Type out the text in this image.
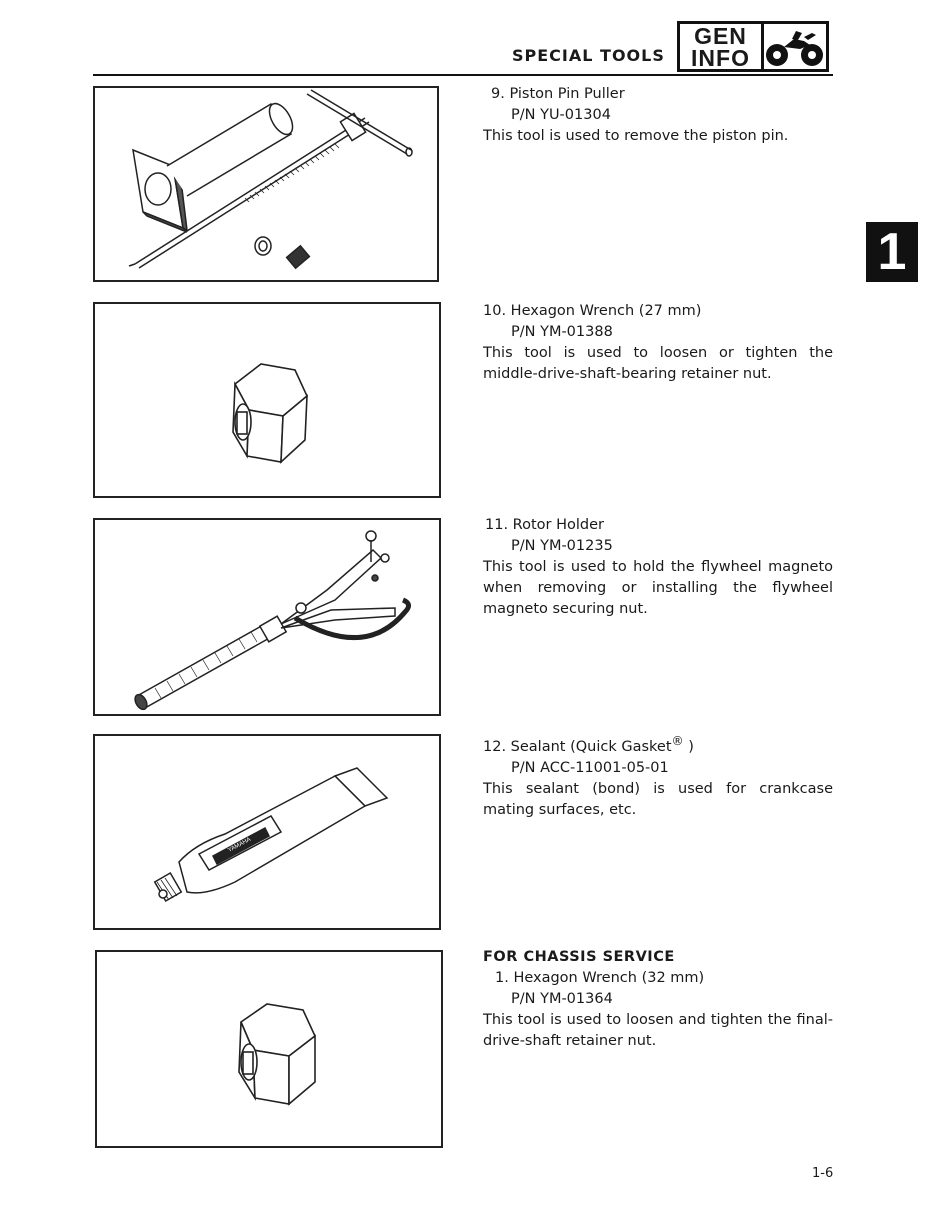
SPECIAL TOOLS
GEN
INFO
1
9. Piston Pin Puller
P/N YU-01304
This tool is used to remove the piston pin.
10. Hexagon Wrench (27 mm)
P/N YM-01388
This tool is used to loosen or tighten the middle-drive-shaft-bearing retainer nut.
11. Rotor Holder
P/N YM-01235
This tool is used to hold the flywheel magneto when removing or installing the flywheel magneto securing nut.
YAMAHA
12. Sealant (Quick Gasket® )
P/N ACC-11001-05-01
This sealant (bond) is used for crankcase mating surfaces, etc.
FOR CHASSIS SERVICE
1. Hexagon Wrench (32 mm)
P/N YM-01364
This tool is used to loosen and tighten the final-drive-shaft retainer nut.
1-6
